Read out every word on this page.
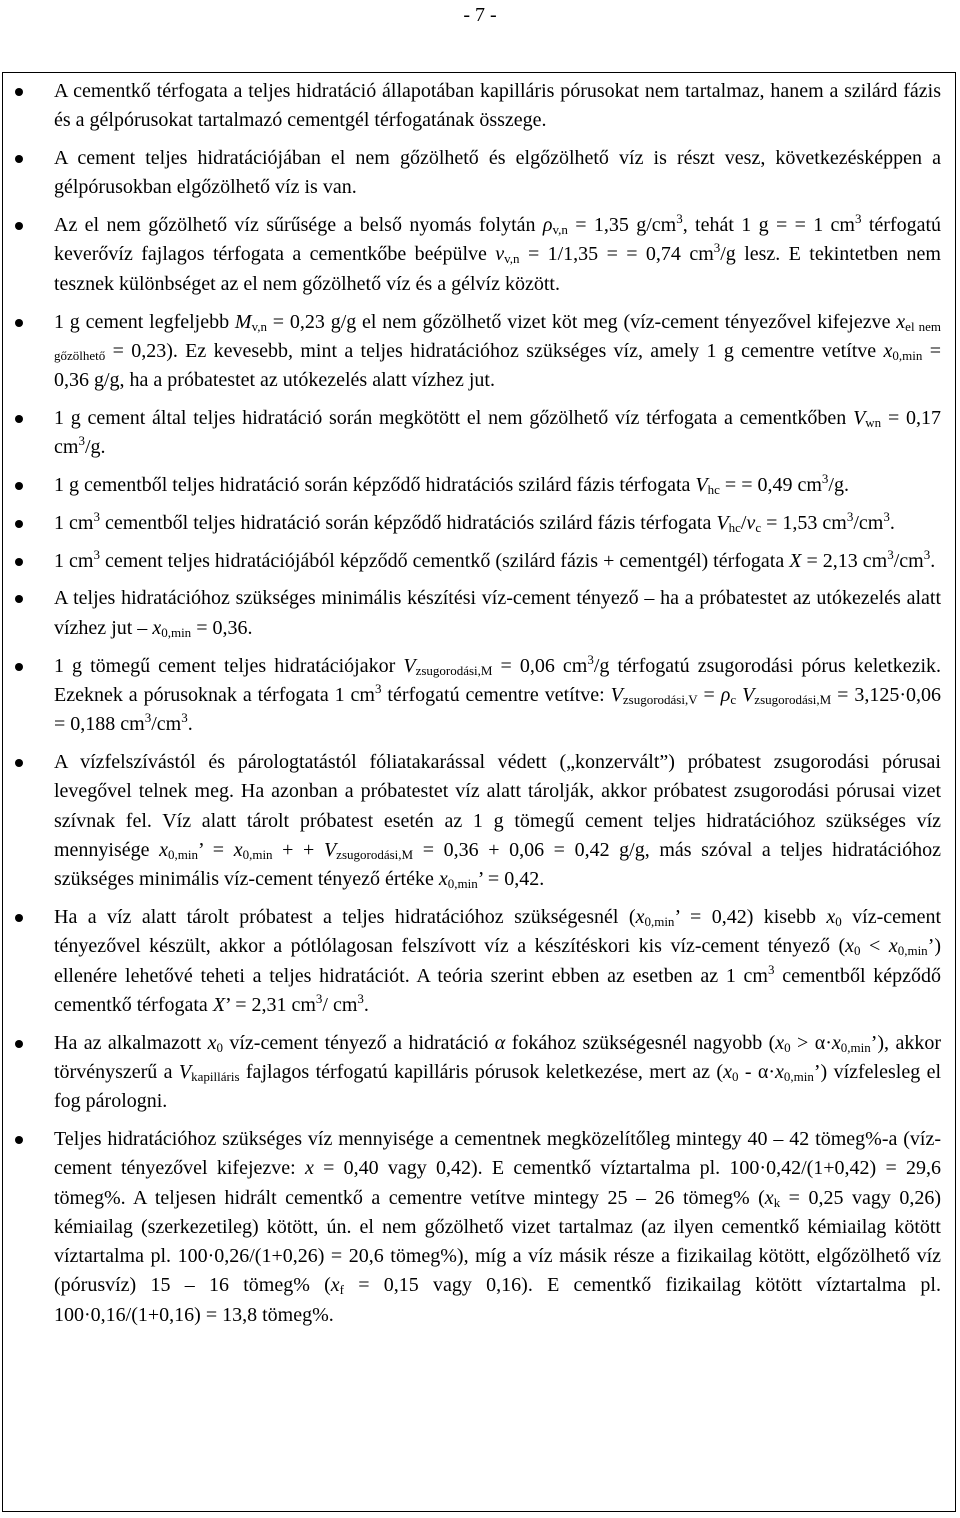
- 7 -
A cementkő térfogata a teljes hidratáció állapotában kapilláris pórusokat nem tartalmaz, hanem a szilárd fázis és a gélpórusokat tartalmazó cementgél térfogatának összege.
A cement teljes hidratációjában el nem gőzölhető és elgőzölhető víz is részt vesz, következésképpen a gélpórusokban elgőzölhető víz is van.
Az el nem gőzölhető víz sűrűsége a belső nyomás folytán $\rho_{v,n} = 1,35$ $g/cm^3$, tehát 1 g = = 1 $cm^3$ térfogatú keverővíz fajlagos térfogata a cementkőbe beépülve $v_{v,n} = 1/1,35$ = = 0,74 $cm^3/g$ lesz. E tekintetben nem tesznek különbséget az el nem gőzölhető víz és a gélvíz között.
1 g cement legfeljebb $M_{v,n} = 0,23$ g/g el nem gőzölhető vizet köt meg (víz-cement tényezővel kifejezve $x_{el nem gőzölhető} = 0,23$). Ez kevesebb, mint a teljes hidratációhoz szükséges víz, amely 1 g cementre vetítve $x_{0,min} = 0,36$ g/g, ha a próbatestet az utókezelés alatt vízhez jut.
1 g cement által teljes hidratáció során megkötött el nem gőzölhető víz térfogata a cementkőben $V_{wn} = 0,17$ $cm^3/g$.
1 g cementből teljes hidratáció során képződő hidratációs szilárd fázis térfogata $V_{hc}$ = = 0,49 $cm^3/g$.
1 $cm^3$ cementből teljes hidratáció során képződő hidratációs szilárd fázis térfogata $V_{hc}/v_c = 1,53$ $cm^3/cm^3$.
1 $cm^3$ cement teljes hidratációjából képződő cementkő (szilárd fázis + cementgél) térfogata X = 2,13 $cm^3/cm^3$.
A teljes hidratációhoz szükséges minimális készítési víz-cement tényező – ha a próbatestet az utókezelés alatt vízhez jut – $x_{0,min} = 0,36$.
1 g tömegű cement teljes hidratációjakor $V_{zsugorodási,M} = 0,06$ $cm^3/g$ térfogatú zsugorodási pórus keletkezik. Ezeknek a pórusoknak a térfogata 1 $cm^3$ térfogatú cementre vetítve: $V_{zsugorodási,V} = \rho_c$ $V_{zsugorodási,M} = 3,125\cdot 0,06 = 0,188$ $cm^3/cm^3$.
A vízfelszívástól és párologtatástól fóliatakarással védett („konzervált”) próbatest zsugorodási pórusai levegővel telnek meg. Ha azonban a próbatestet víz alatt tárolják, akkor próbatest zsugorodási pórusai vizet szívnak fel. Víz alatt tárolt próbatest esetén az 1 g tömegű cement teljes hidratációhoz szükséges víz mennyisége $x_{0,min}$’ = $x_{0,min}$ + + $V_{zsugorodási,M} = 0,36 + 0,06 = 0,42$ g/g, más szóval a teljes hidratációhoz szükséges minimális víz-cement tényező értéke $x_{0,min}$’ = 0,42.
Ha a víz alatt tárolt próbatest a teljes hidratációhoz szükségesnél ($x_{0,min}$’ = 0,42) kisebb $x_0$ víz-cement tényezővel készült, akkor a pótlólagosan felszívott víz a készítéskori kis víz-cement tényező ($x_0$ < $x_{0,min}$’) ellenére lehetővé teheti a teljes hidratációt. A teória szerint ebben az esetben az 1 $cm^3$ cementből képződő cementkő térfogata X’ = 2,31 $cm^3/$ $cm^3$.
Ha az alkalmazott $x_0$ víz-cement tényező a hidratáció α fokához szükségesnél nagyobb ($x_0$ > $\alpha\cdot x_{0,min}$’), akkor törvényszerű a $V_{kapilláris}$ fajlagos térfogatú kapilláris pórusok keletkezése, mert az ($x_0$ - $\alpha\cdot x_{0,min}$’) vízfelesleg el fog párologni.
Teljes hidratációhoz szükséges víz mennyisége a cementnek megközelítőleg mintegy 40 – 42 tömeg%-a (víz-cement tényezővel kifejezve: x = 0,40 vagy 0,42). E cementkő víztartalma pl. 100·0,42/(1+0,42) = 29,6 tömeg%. A teljesen hidrált cementkő a cementre vetítve mintegy 25 – 26 tömeg% ($x_k = 0,25$ vagy 0,26) kémiailag (szerkezetileg) kötött, ún. el nem gőzölhető vizet tartalmaz (az ilyen cementkő kémiailag kötött víztartalma pl. 100·0,26/(1+0,26) = 20,6 tömeg%), míg a víz másik része a fizikailag kötött, elgőzölhető víz (pórusvíz) 15 – 16 tömeg% ($x_f = 0,15$ vagy 0,16). E cementkő fizikailag kötött víztartalma pl. 100·0,16/(1+0,16) = 13,8 tömeg%.
